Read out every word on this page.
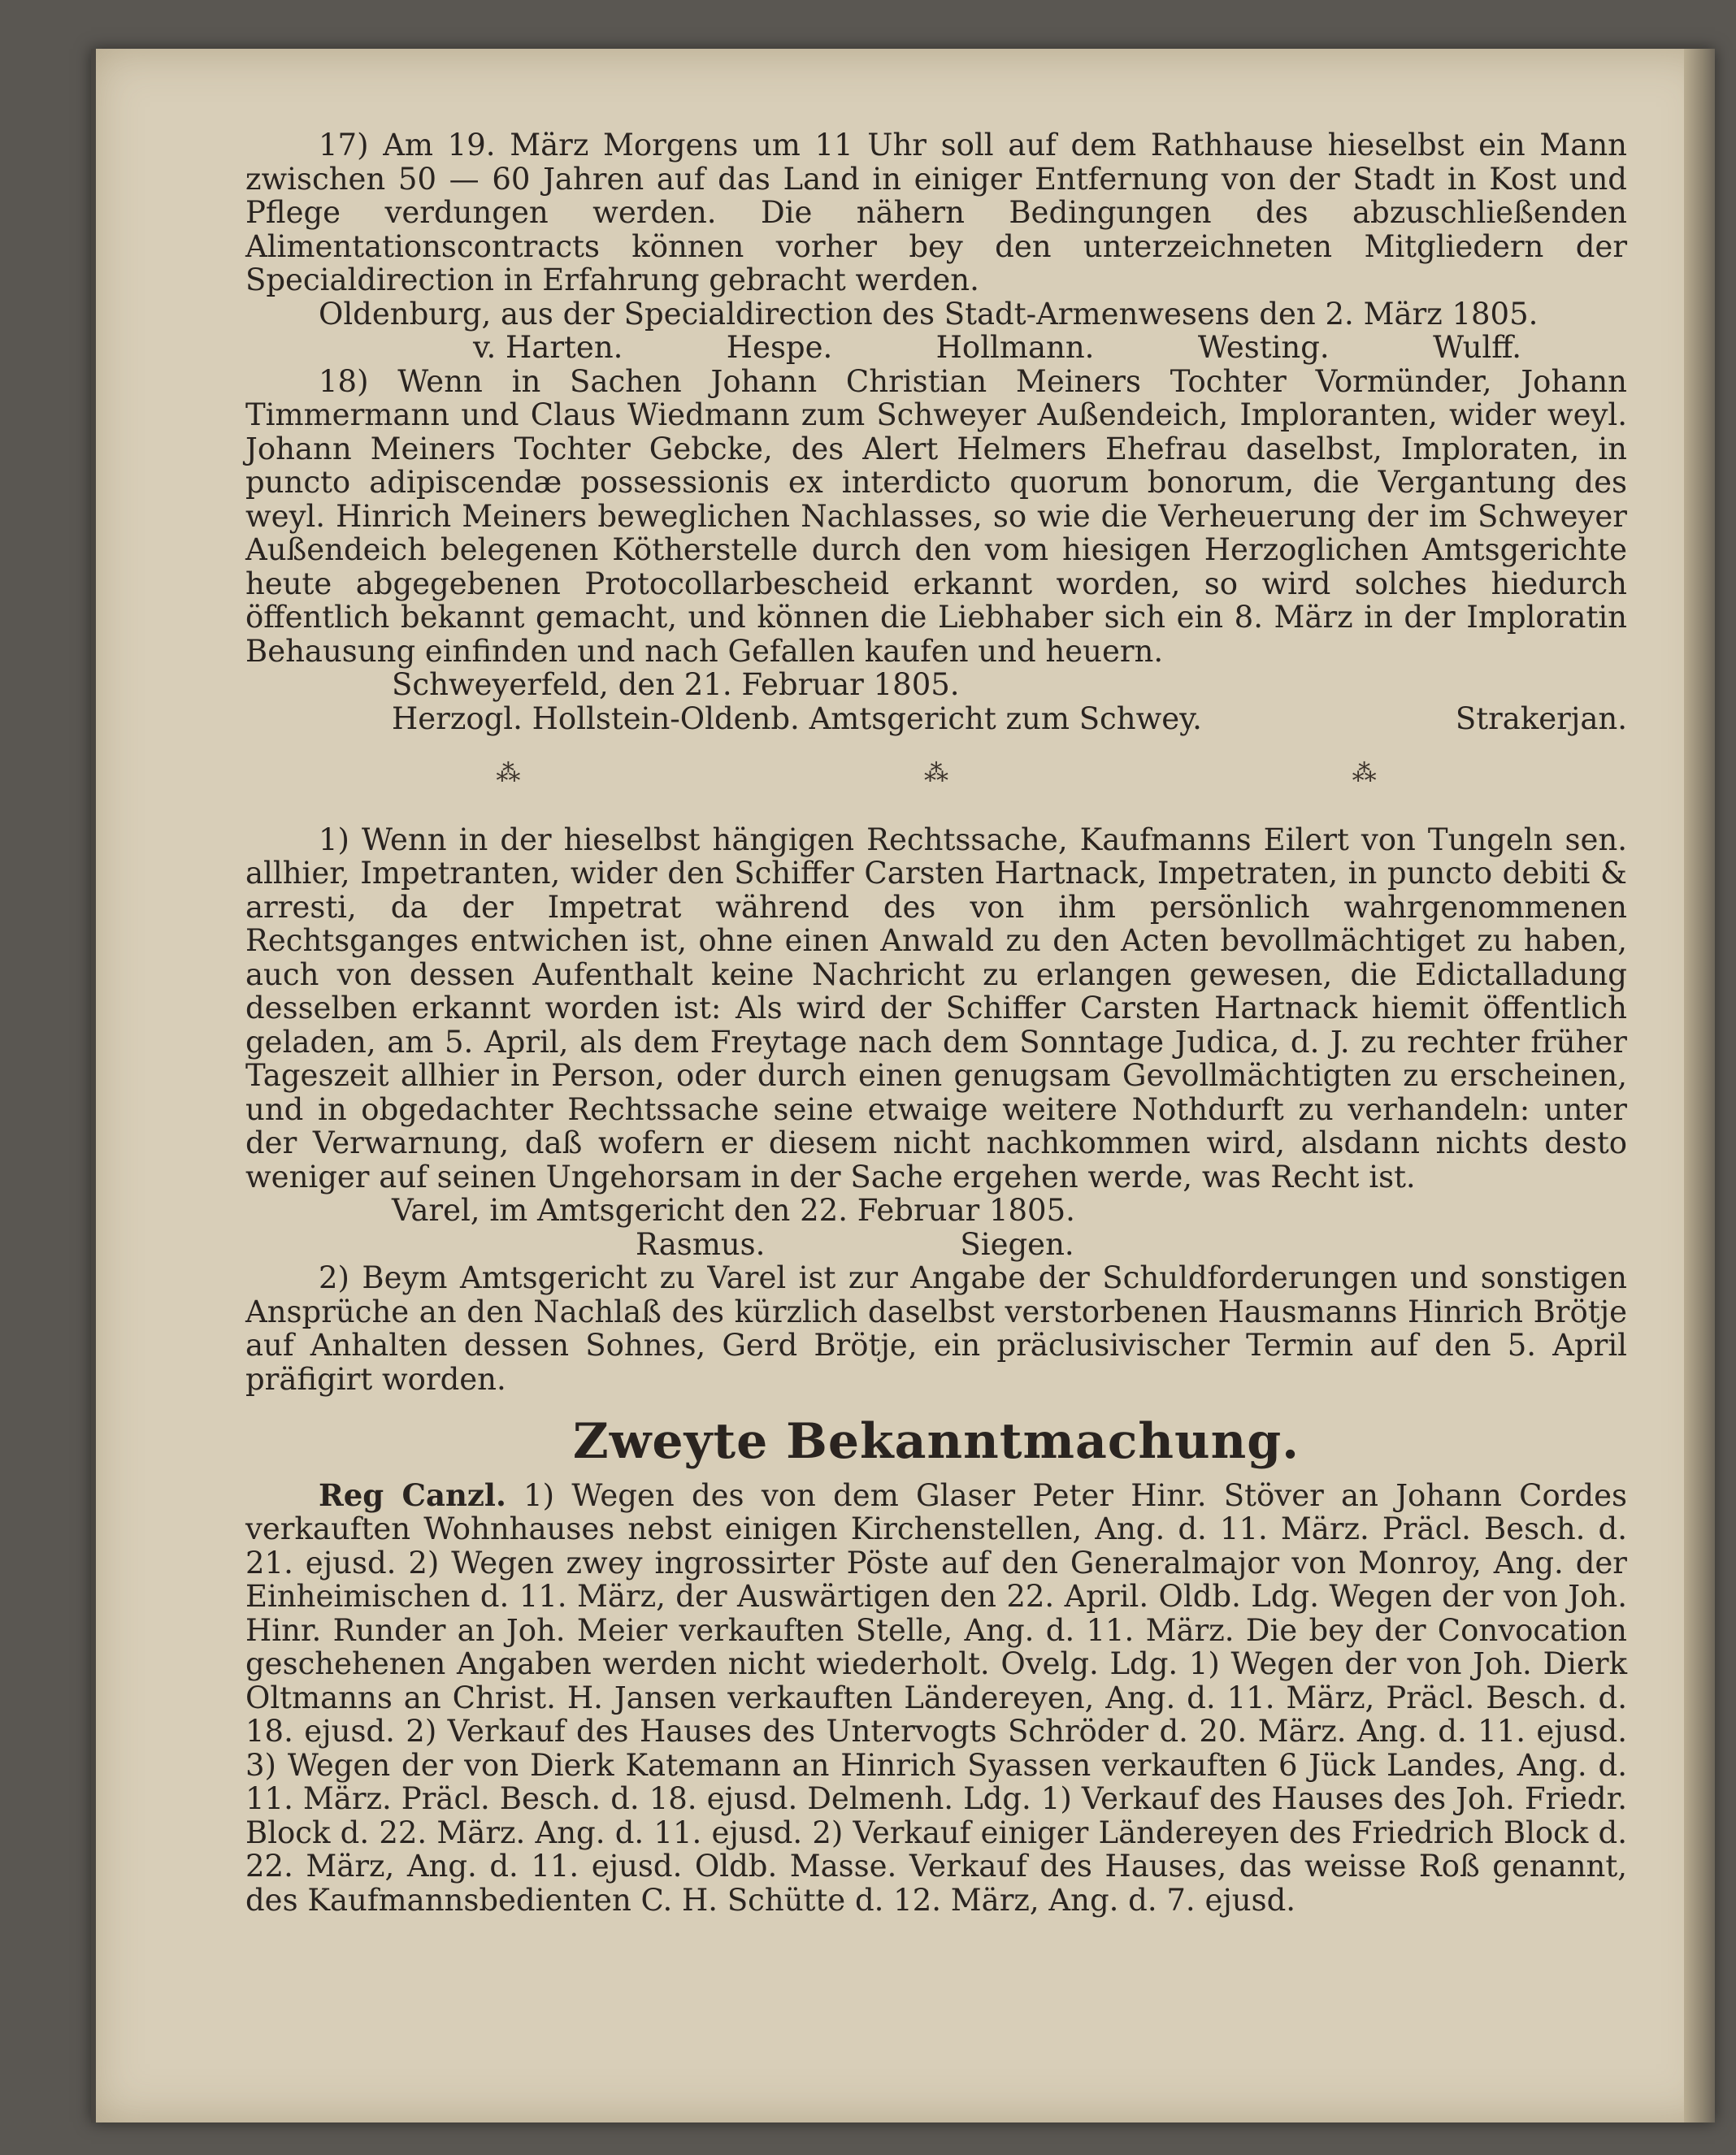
17) Am 19. März Morgens um 11 Uhr soll auf dem Rathhause hieselbst ein Mann zwischen 50 — 60 Jahren auf das Land in einiger Entfernung von der Stadt in Kost und Pflege verdungen werden. Die nähern Bedingungen des abzuschließenden Alimentationscontracts können vorher bey den unterzeichneten Mitgliedern der Specialdirection in Erfahrung gebracht werden.

Oldenburg, aus der Specialdirection des Stadt-Armenwesens den 2. März 1805.

v. Harten.	Hespe.	Hollmann.	Westing.	Wulff.

18) Wenn in Sachen Johann Christian Meiners Tochter Vormünder, Johann Timmermann und Claus Wiedmann zum Schweyer Außendeich, Imploranten, wider weyl. Johann Meiners Tochter Gebcke, des Alert Helmers Ehefrau daselbst, Imploraten, in puncto adipiscendæ possessionis ex interdicto quorum bonorum, die Vergantung des weyl. Hinrich Meiners beweglichen Nachlasses, so wie die Verheuerung der im Schweyer Außendeich belegenen Kötherstelle durch den vom hiesigen Herzoglichen Amtsgerichte heute abgegebenen Protocollarbescheid erkannt worden, so wird solches hiedurch öffentlich bekannt gemacht, und können die Liebhaber sich ein 8. März in der Imploratin Behausung einfinden und nach Gefallen kaufen und heuern.

Schweyerfeld, den 21. Februar 1805.

Herzogl. Hollstein-Oldenb. Amtsgericht zum Schwey.	Strakerjan.
⁂	⁂	⁂

1) Wenn in der hieselbst hängigen Rechtssache, Kaufmanns Eilert von Tungeln sen. allhier, Impetranten, wider den Schiffer Carsten Hartnack, Impetraten, in puncto debiti & arresti, da der Impetrat während des von ihm persönlich wahrgenommenen Rechtsganges entwichen ist, ohne einen Anwald zu den Acten bevollmächtiget zu haben, auch von dessen Aufenthalt keine Nachricht zu erlangen gewesen, die Edictalladung desselben erkannt worden ist: Als wird der Schiffer Carsten Hartnack hiemit öffentlich geladen, am 5. April, als dem Freytage nach dem Sonntage Judica, d. J. zu rechter früher Tageszeit allhier in Person, oder durch einen genugsam Gevollmächtigten zu erscheinen, und in obgedachter Rechtssache seine etwaige weitere Nothdurft zu verhandeln: unter der Verwarnung, daß wofern er diesem nicht nachkommen wird, alsdann nichts desto weniger auf seinen Ungehorsam in der Sache ergehen werde, was Recht ist.

Varel, im Amtsgericht den 22. Februar 1805.

Rasmus.	Siegen.

2) Beym Amtsgericht zu Varel ist zur Angabe der Schuldforderungen und sonstigen Ansprüche an den Nachlaß des kürzlich daselbst verstorbenen Hausmanns Hinrich Brötje auf Anhalten dessen Sohnes, Gerd Brötje, ein präclusivischer Termin auf den 5. April präfigirt worden.

Zweyte Bekanntmachung.

Reg Canzl. 1) Wegen des von dem Glaser Peter Hinr. Stöver an Johann Cordes verkauften Wohnhauses nebst einigen Kirchenstellen, Ang. d. 11. März. Präcl. Besch. d. 21. ejusd. 2) Wegen zwey ingrossirter Pöste auf den Generalmajor von Monroy, Ang. der Einheimischen d. 11. März, der Auswärtigen den 22. April. Oldb. Ldg. Wegen der von Joh. Hinr. Runder an Joh. Meier verkauften Stelle, Ang. d. 11. März. Die bey der Convocation geschehenen Angaben werden nicht wiederholt. Ovelg. Ldg. 1) Wegen der von Joh. Dierk Oltmanns an Christ. H. Jansen verkauften Ländereyen, Ang. d. 11. März, Präcl. Besch. d. 18. ejusd. 2) Verkauf des Hauses des Untervogts Schröder d. 20. März. Ang. d. 11. ejusd. 3) Wegen der von Dierk Katemann an Hinrich Syassen verkauften 6 Jück Landes, Ang. d. 11. März. Präcl. Besch. d. 18. ejusd. Delmenh. Ldg. 1) Verkauf des Hauses des Joh. Friedr. Block d. 22. März. Ang. d. 11. ejusd. 2) Verkauf einiger Ländereyen des Friedrich Block d. 22. März, Ang. d. 11. ejusd. Oldb. Masse. Verkauf des Hauses, das weisse Roß genannt, des Kaufmannsbedienten C. H. Schütte d. 12. März, Ang. d. 7. ejusd.
